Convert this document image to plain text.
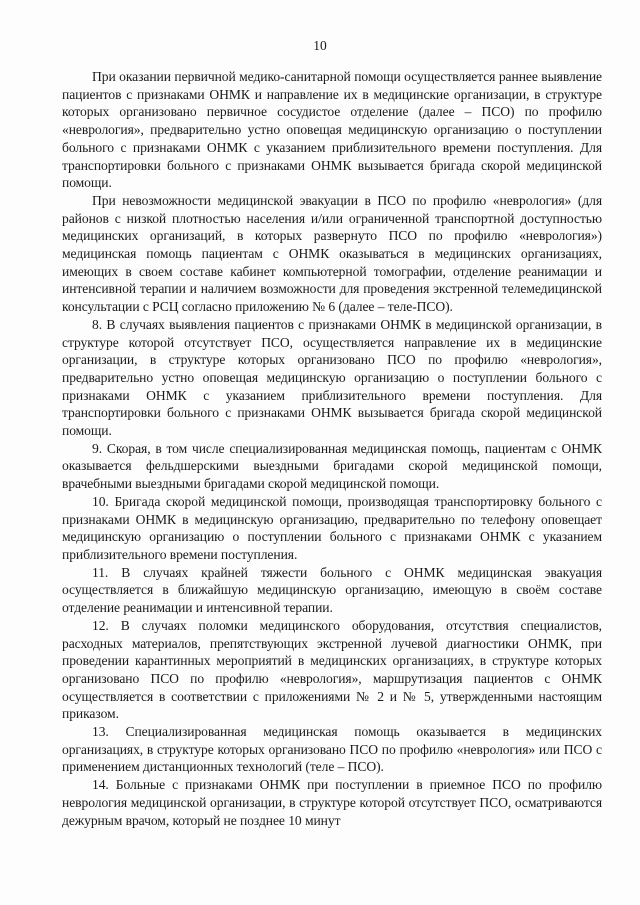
10

При оказании первичной медико-санитарной помощи осуществляется раннее выявление пациентов с признаками ОНМК и направление их в медицинские организации, в структуре которых организовано первичное сосудистое отделение (далее – ПСО) по профилю «неврология», предварительно устно оповещая медицинскую организацию о поступлении больного с признаками ОНМК с указанием приблизительного времени поступления. Для транспортировки больного с признаками ОНМК вызывается бригада скорой медицинской помощи.

При невозможности медицинской эвакуации в ПСО по профилю «неврология» (для районов с низкой плотностью населения и/или ограниченной транспортной доступностью медицинских организаций, в которых развернуто ПСО по профилю «неврология») медицинская помощь пациентам с ОНМК оказываться в медицинских организациях, имеющих в своем составе кабинет компьютерной томографии, отделение реанимации и интенсивной терапии и наличием возможности для проведения экстренной телемедицинской консультации с РСЦ согласно приложению № 6 (далее – теле-ПСО).

8. В случаях выявления пациентов с признаками ОНМК в медицинской организации, в структуре которой отсутствует ПСО, осуществляется направление их в медицинские организации, в структуре которых организовано ПСО по профилю «неврология», предварительно устно оповещая медицинскую организацию о поступлении больного с признаками ОНМК с указанием приблизительного времени поступления. Для транспортировки больного с признаками ОНМК вызывается бригада скорой медицинской помощи.

9. Скорая, в том числе специализированная медицинская помощь, пациентам с ОНМК оказывается фельдшерскими выездными бригадами скорой медицинской помощи, врачебными выездными бригадами скорой медицинской помощи.

10. Бригада скорой медицинской помощи, производящая транспортировку больного с признаками ОНМК в медицинскую организацию, предварительно по телефону оповещает медицинскую организацию о поступлении больного с признаками ОНМК с указанием приблизительного времени поступления.

11. В случаях крайней тяжести больного с ОНМК медицинская эвакуация осуществляется в ближайшую медицинскую организацию, имеющую в своём составе отделение реанимации и интенсивной терапии.

12. В случаях поломки медицинского оборудования, отсутствия специалистов, расходных материалов, препятствующих экстренной лучевой диагностики ОНМК, при проведении карантинных мероприятий в медицинских организациях, в структуре которых организовано ПСО по профилю «неврология», маршрутизация пациентов с ОНМК осуществляется в соответствии с приложениями № 2 и № 5, утвержденными настоящим приказом.

13. Специализированная медицинская помощь оказывается в медицинских организациях, в структуре которых организовано ПСО по профилю «неврология» или ПСО с применением дистанционных технологий (теле – ПСО).

14. Больные с признаками ОНМК при поступлении в приемное ПСО по профилю неврология медицинской организации, в структуре которой отсутствует ПСО, осматриваются дежурным врачом, который не позднее 10 минут
